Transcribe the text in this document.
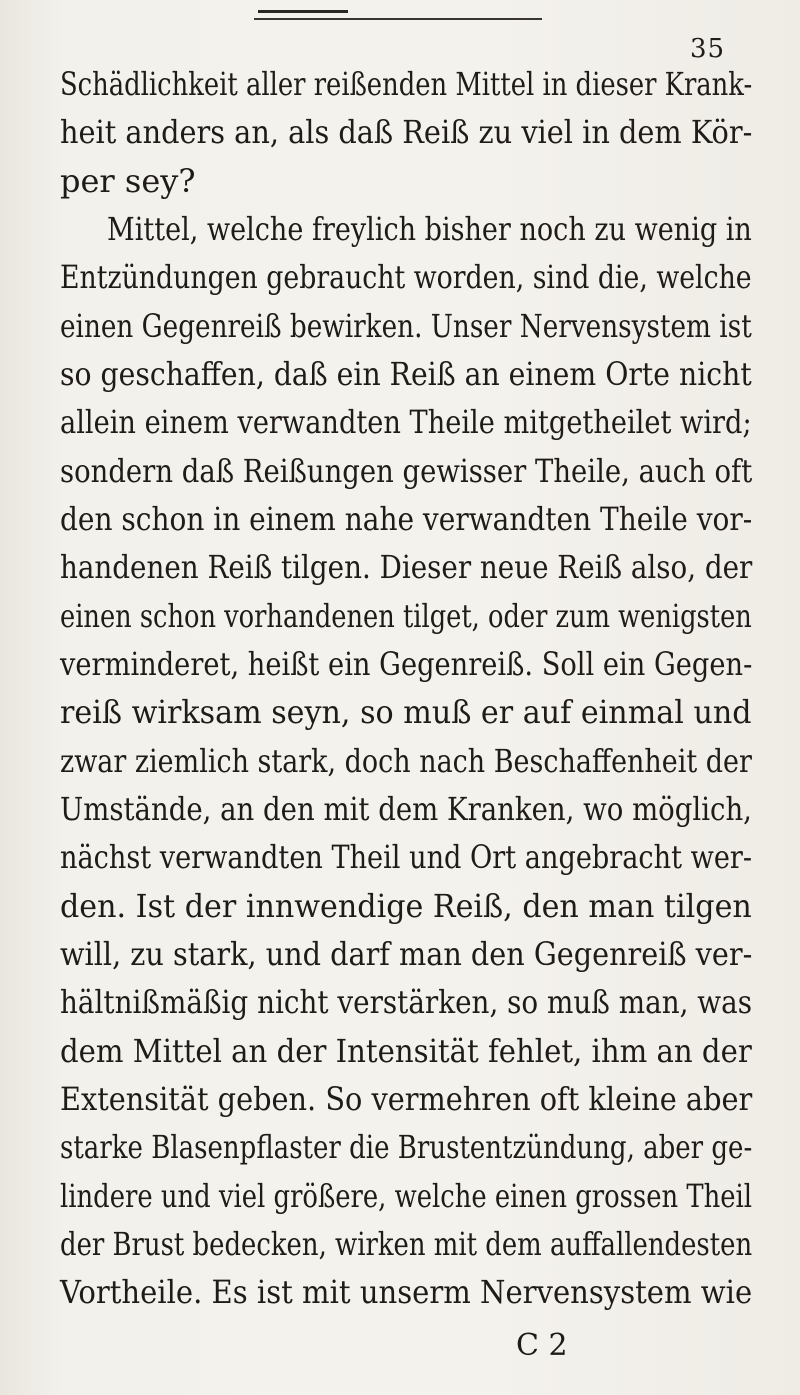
35
Schädlichkeit aller reißenden Mittel in dieser Krank-
heit anders an, als daß Reiß zu viel in dem Kör-
per sey?
Mittel, welche freylich bisher noch zu wenig in
Entzündungen gebraucht worden, sind die, welche
einen Gegenreiß bewirken. Unser Nervensystem ist
so geschaffen, daß ein Reiß an einem Orte nicht
allein einem verwandten Theile mitgetheilet wird;
sondern daß Reißungen gewisser Theile, auch oft
den schon in einem nahe verwandten Theile vor-
handenen Reiß tilgen. Dieser neue Reiß also, der
einen schon vorhandenen tilget, oder zum wenigsten
verminderet, heißt ein Gegenreiß. Soll ein Gegen-
reiß wirksam seyn, so muß er auf einmal und
zwar ziemlich stark, doch nach Beschaffenheit der
Umstände, an den mit dem Kranken, wo möglich,
nächst verwandten Theil und Ort angebracht wer-
den. Ist der innwendige Reiß, den man tilgen
will, zu stark, und darf man den Gegenreiß ver-
hältnißmäßig nicht verstärken, so muß man, was
dem Mittel an der Intensität fehlet, ihm an der
Extensität geben. So vermehren oft kleine aber
starke Blasenpflaster die Brustentzündung, aber ge-
lindere und viel größere, welche einen grossen Theil
der Brust bedecken, wirken mit dem auffallendesten
Vortheile. Es ist mit unserm Nervensystem wie
C 2
